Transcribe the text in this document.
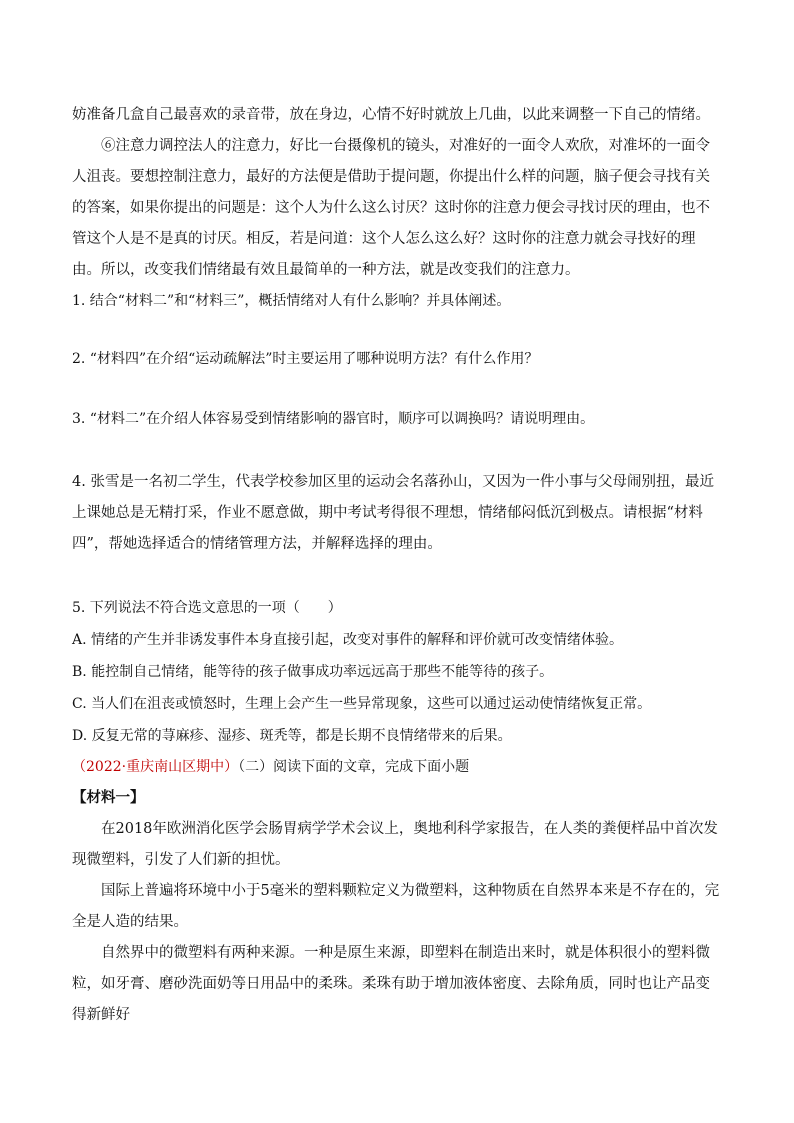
妨准备几盒自己最喜欢的录音带，放在身边，心情不好时就放上几曲，以此来调整一下自己的情绪。

⑥注意力调控法人的注意力，好比一台摄像机的镜头，对准好的一面令人欢欣，对准坏的一面令人沮丧。要想控制注意力，最好的方法便是借助于提问题，你提出什么样的问题，脑子便会寻找有关的答案，如果你提出的问题是：这个人为什么这么讨厌？这时你的注意力便会寻找讨厌的理由，也不管这个人是不是真的讨厌。相反，若是问道：这个人怎么这么好？这时你的注意力就会寻找好的理由。所以，改变我们情绪最有效且最简单的一种方法，就是改变我们的注意力。

1. 结合“材料二”和“材料三”，概括情绪对人有什么影响？并具体阐述。

2. “材料四”在介绍“运动疏解法”时主要运用了哪种说明方法？有什么作用？

3. “材料二”在介绍人体容易受到情绪影响的器官时，顺序可以调换吗？请说明理由。

4. 张雪是一名初二学生，代表学校参加区里的运动会名落孙山，又因为一件小事与父母闹别扭，最近上课她总是无精打采，作业不愿意做，期中考试考得很不理想，情绪郁闷低沉到极点。请根据“材料四”，帮她选择适合的情绪管理方法，并解释选择的理由。

5. 下列说法不符合选文意思的一项（　　）

A. 情绪的产生并非诱发事件本身直接引起，改变对事件的解释和评价就可改变情绪体验。

B. 能控制自己情绪，能等待的孩子做事成功率远远高于那些不能等待的孩子。

C. 当人们在沮丧或愤怒时，生理上会产生一些异常现象，这些可以通过运动使情绪恢复正常。

D. 反复无常的荨麻疹、湿疹、斑秃等，都是长期不良情绪带来的后果。

（2022·重庆南山区期中）（二）阅读下面的文章，完成下面小题

【材料一】

在2018年欧洲消化医学会肠胃病学学术会议上，奥地利科学家报告，在人类的粪便样品中首次发现微塑料，引发了人们新的担忧。

国际上普遍将环境中小于5毫米的塑料颗粒定义为微塑料，这种物质在自然界本来是不存在的，完全是人造的结果。

自然界中的微塑料有两种来源。一种是原生来源，即塑料在制造出来时，就是体积很小的塑料微粒，如牙膏、磨砂洗面奶等日用品中的柔珠。柔珠有助于增加液体密度、去除角质，同时也让产品变得新鲜好
